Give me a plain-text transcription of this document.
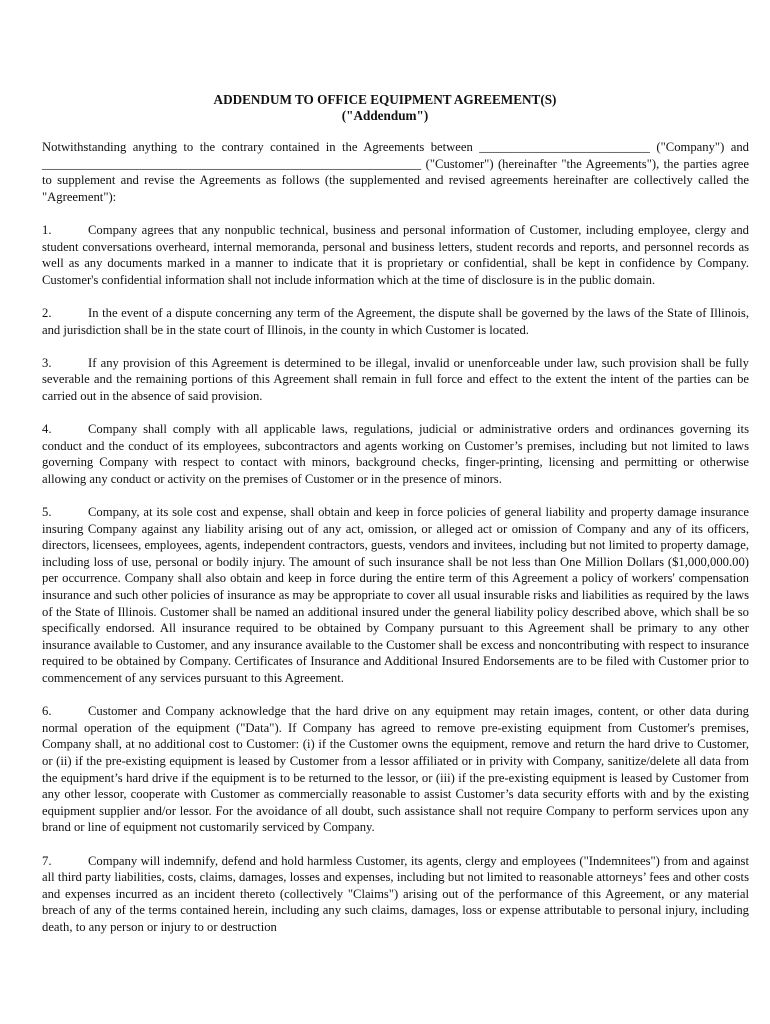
ADDENDUM TO OFFICE EQUIPMENT AGREEMENT(S)
("Addendum")

Notwithstanding anything to the contrary contained in the Agreements between ___________________________ ("Company") and ____________________________________________________________ ("Customer") (hereinafter "the Agreements"), the parties agree to supplement and revise the Agreements as follows (the supplemented and revised agreements hereinafter are collectively called the "Agreement"):

1.	Company agrees that any nonpublic technical, business and personal information of Customer, including employee, clergy and student conversations overheard, internal memoranda, personal and business letters, student records and reports, and personnel records as well as any documents marked in a manner to indicate that it is proprietary or confidential, shall be kept in confidence by Company. Customer's confidential information shall not include information which at the time of disclosure is in the public domain.

2.	In the event of a dispute concerning any term of the Agreement, the dispute shall be governed by the laws of the State of Illinois, and jurisdiction shall be in the state court of Illinois, in the county in which Customer is located.

3.	If any provision of this Agreement is determined to be illegal, invalid or unenforceable under law, such provision shall be fully severable and the remaining portions of this Agreement shall remain in full force and effect to the extent the intent of the parties can be carried out in the absence of said provision.

4.	Company shall comply with all applicable laws, regulations, judicial or administrative orders and ordinances governing its conduct and the conduct of its employees, subcontractors and agents working on Customer’s premises, including but not limited to laws governing Company with respect to contact with minors, background checks, finger-printing, licensing and permitting or otherwise allowing any conduct or activity on the premises of Customer or in the presence of minors.

5.	Company, at its sole cost and expense, shall obtain and keep in force policies of general liability and property damage insurance insuring Company against any liability arising out of any act, omission, or alleged act or omission of Company and any of its officers, directors, licensees, employees, agents, independent contractors, guests, vendors and invitees, including but not limited to property damage, including loss of use, personal or bodily injury. The amount of such insurance shall be not less than One Million Dollars ($1,000,000.00) per occurrence. Company shall also obtain and keep in force during the entire term of this Agreement a policy of workers' compensation insurance and such other policies of insurance as may be appropriate to cover all usual insurable risks and liabilities as required by the laws of the State of Illinois. Customer shall be named an additional insured under the general liability policy described above, which shall be so specifically endorsed. All insurance required to be obtained by Company pursuant to this Agreement shall be primary to any other insurance available to Customer, and any insurance available to the Customer shall be excess and noncontributing with respect to insurance required to be obtained by Company. Certificates of Insurance and Additional Insured Endorsements are to be filed with Customer prior to commencement of any services pursuant to this Agreement.

6.	Customer and Company acknowledge that the hard drive on any equipment may retain images, content, or other data during normal operation of the equipment ("Data"). If Company has agreed to remove pre-existing equipment from Customer's premises, Company shall, at no additional cost to Customer: (i) if the Customer owns the equipment, remove and return the hard drive to Customer, or (ii) if the pre-existing equipment is leased by Customer from a lessor affiliated or in privity with Company, sanitize/delete all data from the equipment’s hard drive if the equipment is to be returned to the lessor, or (iii) if the pre-existing equipment is leased by Customer from any other lessor, cooperate with Customer as commercially reasonable to assist Customer’s data security efforts with and by the existing equipment supplier and/or lessor. For the avoidance of all doubt, such assistance shall not require Company to perform services upon any brand or line of equipment not customarily serviced by Company.

7.	Company will indemnify, defend and hold harmless Customer, its agents, clergy and employees ("Indemnitees") from and against all third party liabilities, costs, claims, damages, losses and expenses, including but not limited to reasonable attorneys’ fees and other costs and expenses incurred as an incident thereto (collectively "Claims") arising out of the performance of this Agreement, or any material breach of any of the terms contained herein, including any such claims, damages, loss or expense attributable to personal injury, including death, to any person or injury to or destruction
